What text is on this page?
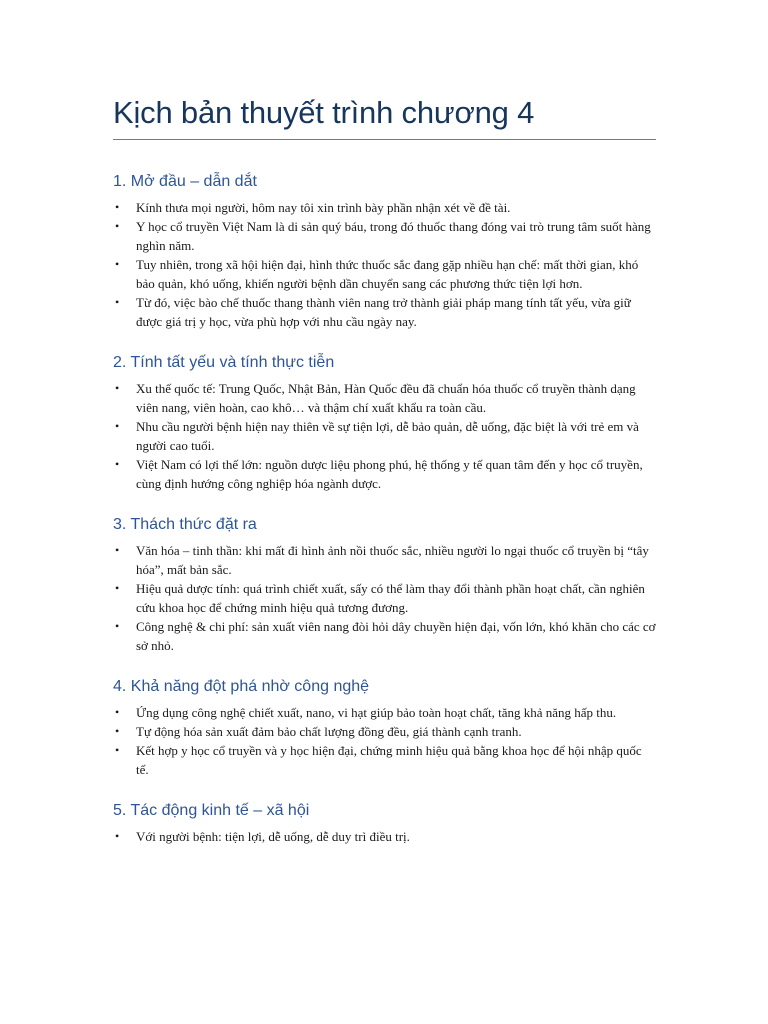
Kịch bản thuyết trình chương 4
1. Mở đầu – dẫn dắt
• Kính thưa mọi người, hôm nay tôi xin trình bày phần nhận xét về đề tài.
• Y học cổ truyền Việt Nam là di sản quý báu, trong đó thuốc thang đóng vai trò trung tâm suốt hàng nghìn năm.
• Tuy nhiên, trong xã hội hiện đại, hình thức thuốc sắc đang gặp nhiều hạn chế: mất thời gian, khó bảo quản, khó uống, khiến người bệnh dần chuyển sang các phương thức tiện lợi hơn.
• Từ đó, việc bào chế thuốc thang thành viên nang trở thành giải pháp mang tính tất yếu, vừa giữ được giá trị y học, vừa phù hợp với nhu cầu ngày nay.
2. Tính tất yếu và tính thực tiễn
• Xu thế quốc tế: Trung Quốc, Nhật Bản, Hàn Quốc đều đã chuẩn hóa thuốc cổ truyền thành dạng viên nang, viên hoàn, cao khô… và thậm chí xuất khẩu ra toàn cầu.
• Nhu cầu người bệnh hiện nay thiên về sự tiện lợi, dễ bảo quản, dễ uống, đặc biệt là với trẻ em và người cao tuổi.
• Việt Nam có lợi thế lớn: nguồn dược liệu phong phú, hệ thống y tế quan tâm đến y học cổ truyền, cùng định hướng công nghiệp hóa ngành dược.
3. Thách thức đặt ra
• Văn hóa – tinh thần: khi mất đi hình ảnh nồi thuốc sắc, nhiều người lo ngại thuốc cổ truyền bị “tây hóa”, mất bản sắc.
• Hiệu quả dược tính: quá trình chiết xuất, sấy có thể làm thay đổi thành phần hoạt chất, cần nghiên cứu khoa học để chứng minh hiệu quả tương đương.
• Công nghệ & chi phí: sản xuất viên nang đòi hỏi dây chuyền hiện đại, vốn lớn, khó khăn cho các cơ sở nhỏ.
4. Khả năng đột phá nhờ công nghệ
• Ứng dụng công nghệ chiết xuất, nano, vi hạt giúp bảo toàn hoạt chất, tăng khả năng hấp thu.
• Tự động hóa sản xuất đảm bảo chất lượng đồng đều, giá thành cạnh tranh.
• Kết hợp y học cổ truyền và y học hiện đại, chứng minh hiệu quả bằng khoa học để hội nhập quốc tế.
5. Tác động kinh tế – xã hội
• Với người bệnh: tiện lợi, dễ uống, dễ duy trì điều trị.
